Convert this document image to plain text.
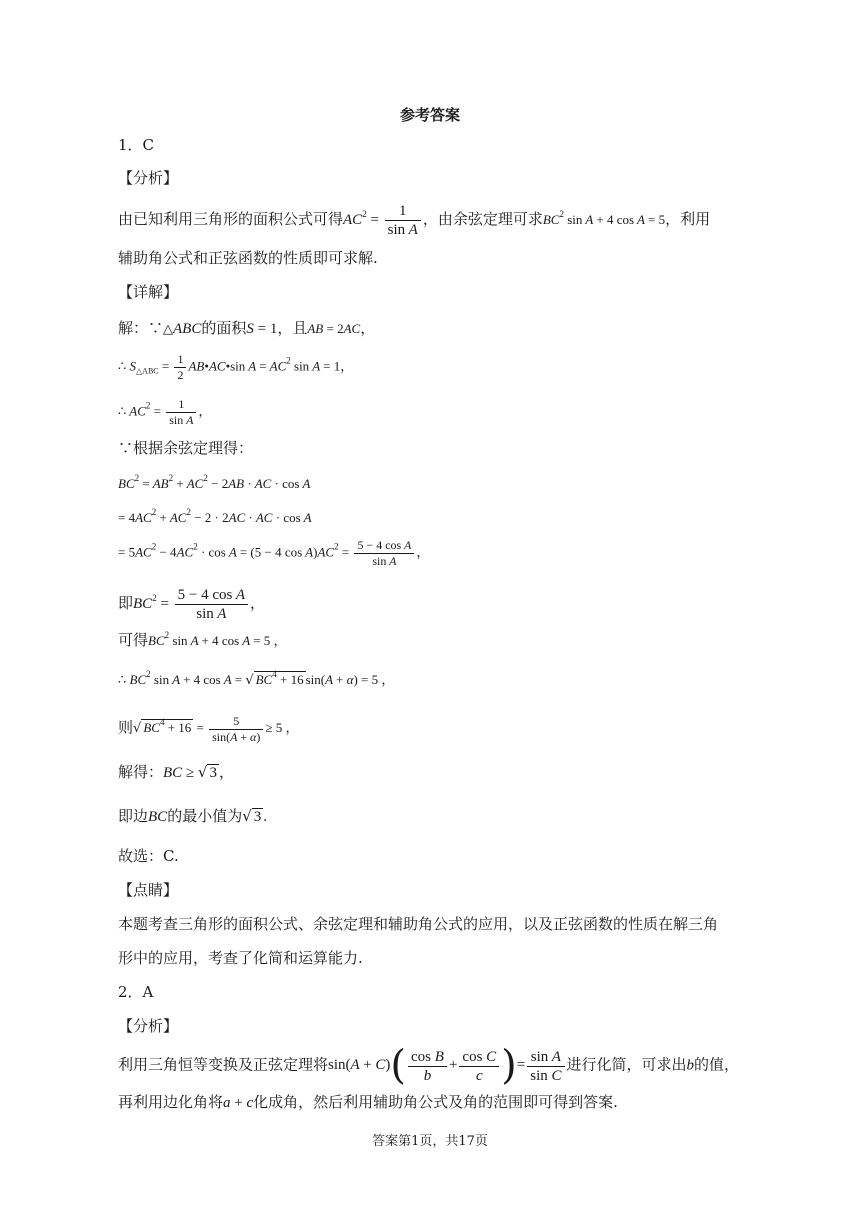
参考答案
1．C
【分析】
由已知利用三角形的面积公式可得$AC^2 = \frac{1}{\text{sin A}}$ ，由余弦定理可求$BC^2$ sin A + 4 cos A = 5，利用
辅助角公式和正弦函数的性质即可求解.
【详解】
解：∵△ABC的面积S = 1，且AB = 2AC，
∴ $S_{\triangle ABC} = \frac{1}{2}$ AB•AC•sin $A = AC^2$ sin A = 1，
∴ $AC^2 = \frac{1}{\text{sin A}}$ ，
∵根据余弦定理得：
$BC^2 = AB^2 + AC^2 - 2AB$ · AC · cos A
= $4AC^2 + AC^2 - 2 \cdot 2AC$ · AC · cos A
= $5AC^2 - 4AC^2 \cdot \cos A = (5 - 4$ $\cos A)AC^2 = \frac{\text{5 − 4 cos A}}{\text{sin A}}$ ，
即$BC^2 = \frac{\text{5 − 4 cos A}}{\text{sin A}}$ ，
可得$BC^2$ sin A + 4 cos A = 5 ，
∴ $BC^2$ sin A + 4 cos A = √ $BC^4 + 16$ sin(A + α) = 5 ，
则√ $BC^4 + 16 = \frac{5}{\sin(A + \alpha)} \ge 5$ ，
解得：BC ≥ √ 3 ，
即边BC的最小值为√ 3 .
故选：C.
【点睛】
本题考查三角形的面积公式、余弦定理和辅助角公式的应用，以及正弦函数的性质在解三角
形中的应用，考查了化简和运算能力.
2．A
【分析】
利用三角恒等变换及正弦定理将$\sin(A + C)( \frac{\text{cos B}}{b} + \frac{\text{cos C}}{c}$ )= $\frac{\text{sin A}}{\text{sin C}}$ 进行化简，可求出b的值，
再利用边化角将a + c化成角，然后利用辅助角公式及角的范围即可得到答案.
答案第1页，共17页
